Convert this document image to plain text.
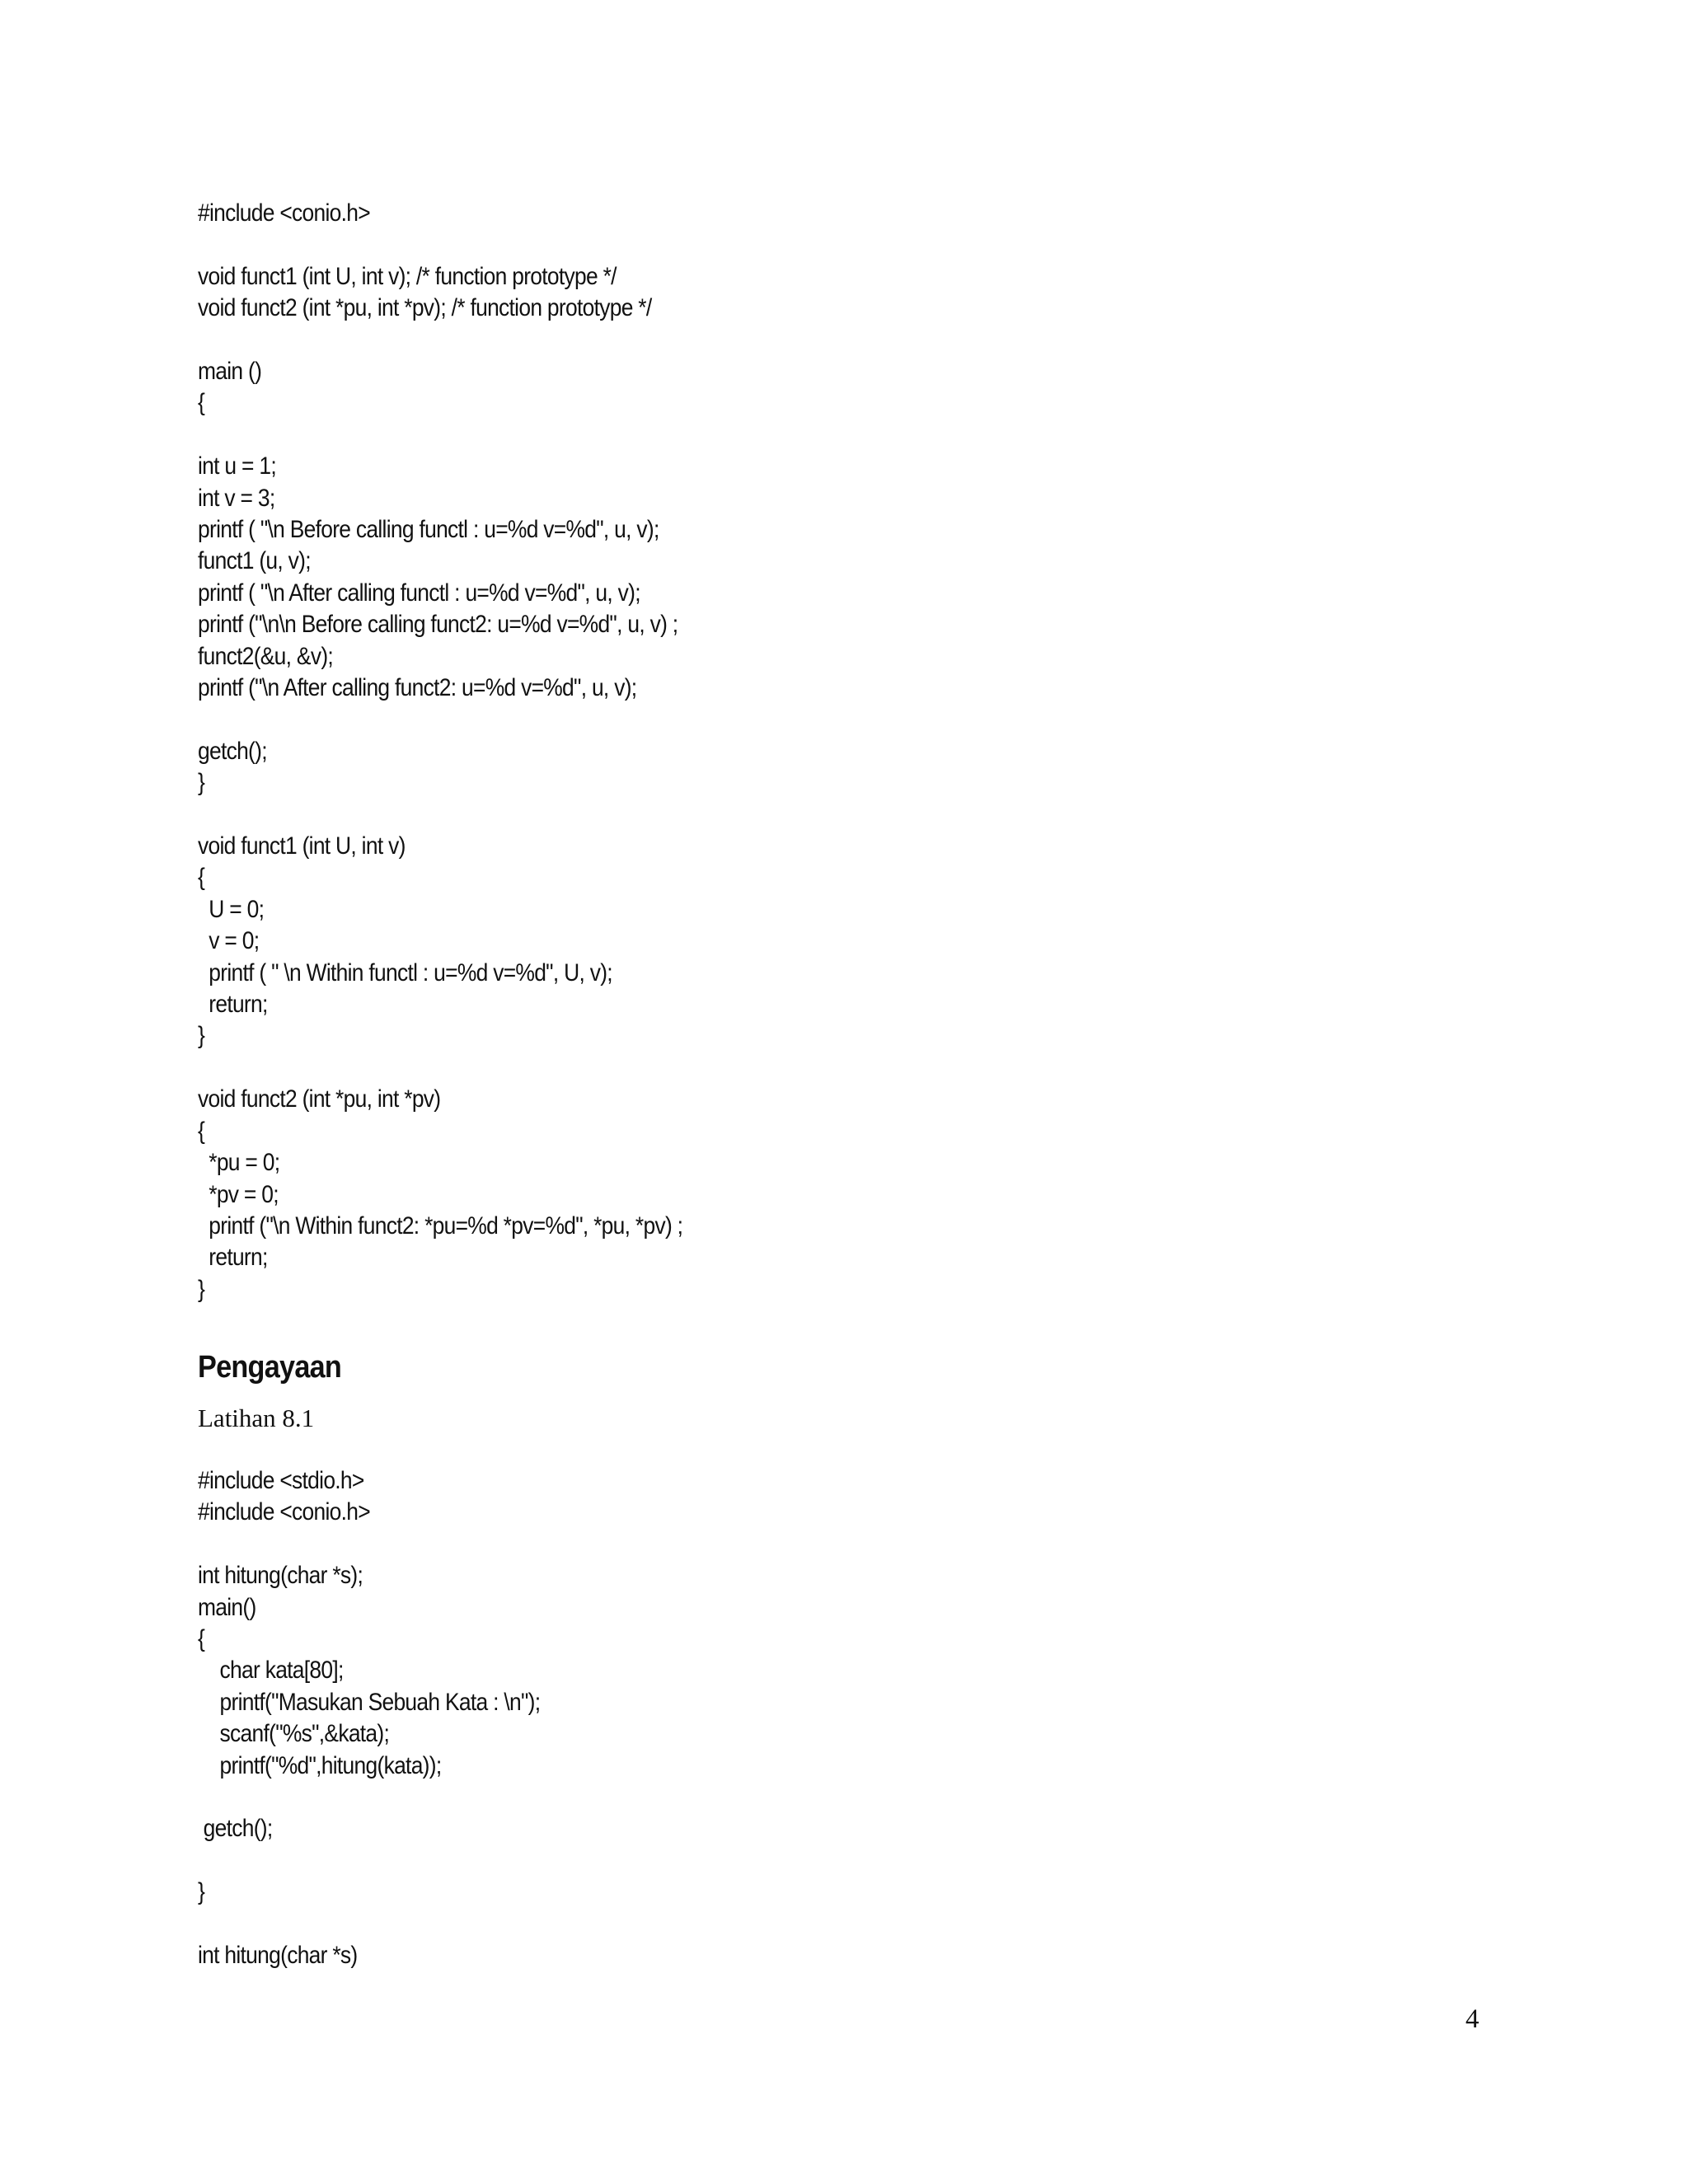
#include <conio.h>
void funct1 (int U, int v); /* function prototype */
void funct2 (int *pu, int *pv); /* function prototype */
main ()
{
int u = 1;
int v = 3;
printf ( "\n Before calling functl : u=%d v=%d", u, v);
funct1 (u, v);
printf ( "\n After calling functl : u=%d v=%d", u, v);
printf ("\n\n Before calling funct2: u=%d v=%d", u, v) ;
funct2(&u, &v);
printf ("\n After calling funct2: u=%d v=%d", u, v);
getch();
}
void funct1 (int U, int v)
{
U = 0;
v = 0;
printf ( " \n Within functl : u=%d v=%d", U, v);
return;
}
void funct2 (int *pu, int *pv)
{
*pu = 0;
*pv = 0;
printf ("\n Within funct2: *pu=%d *pv=%d", *pu, *pv) ;
return;
}
Pengayaan

Latihan 8.1

#include <stdio.h>
#include <conio.h>
int hitung(char *s);
main()
{
char kata[80];
printf("Masukan Sebuah Kata : \n");
scanf("%s",&kata);
printf("%d",hitung(kata));
getch();
}
int hitung(char *s)
4
